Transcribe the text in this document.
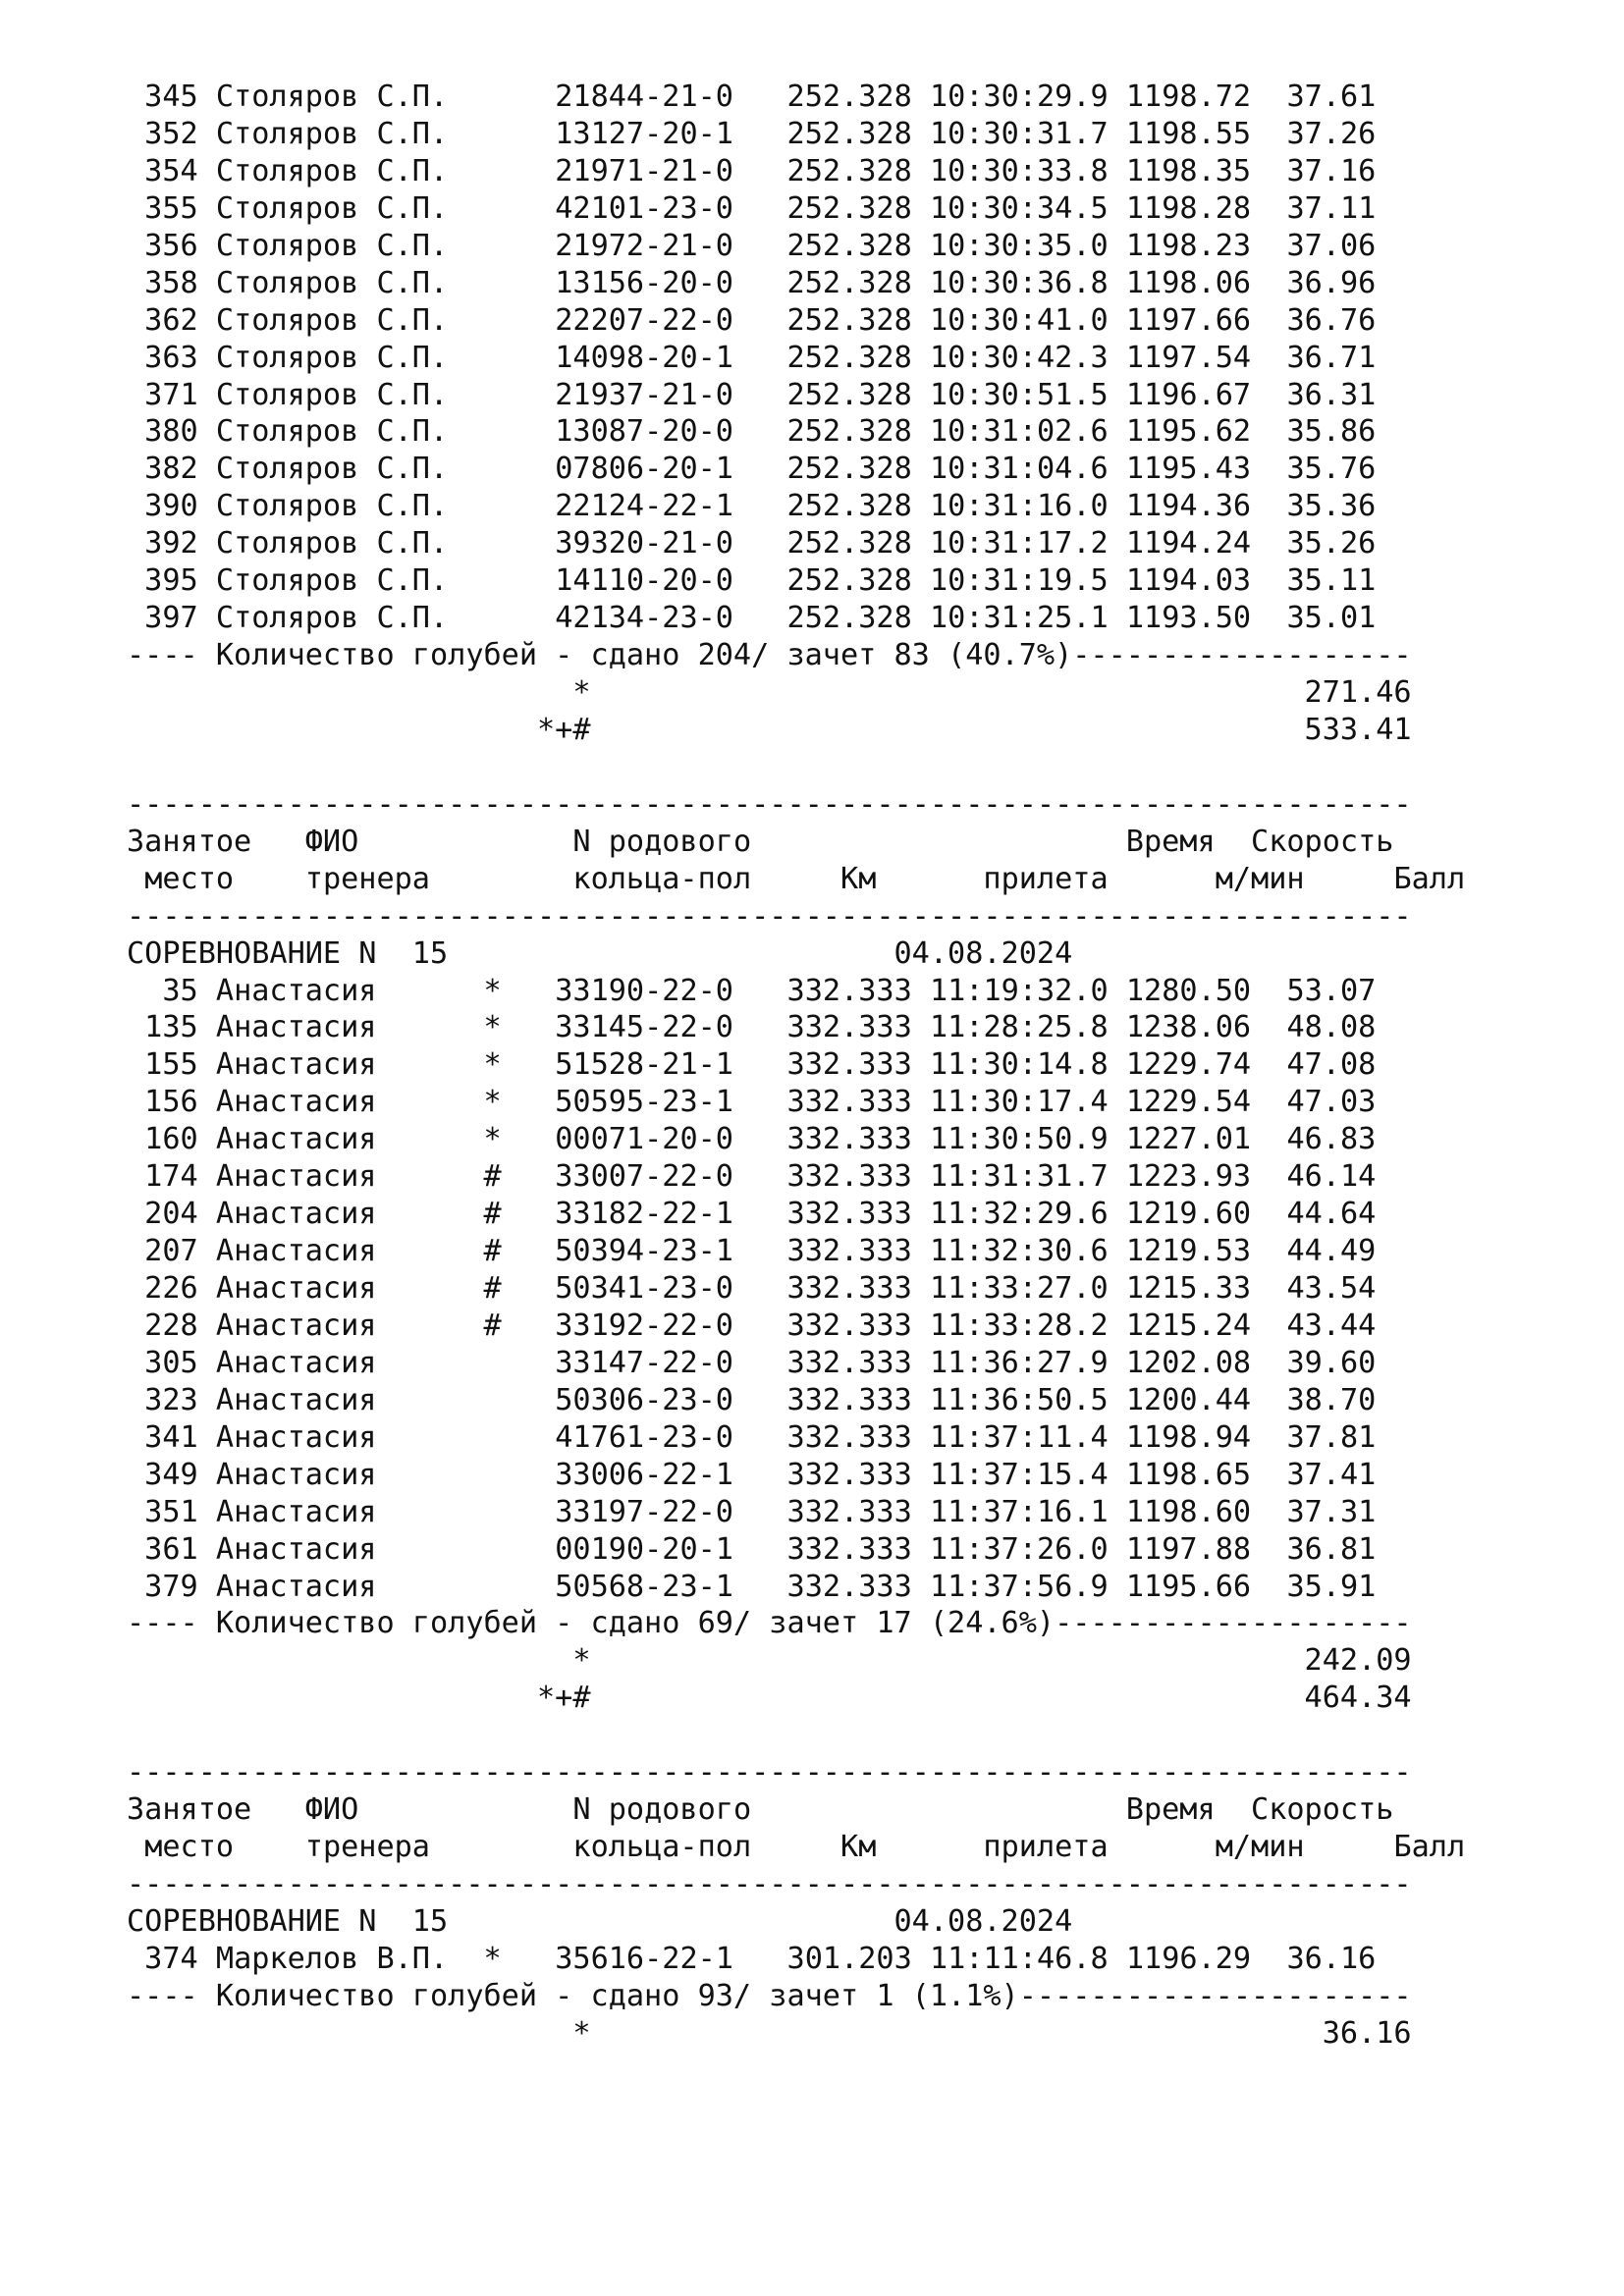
345 Столяров С.П.      21844-21-0   252.328 10:30:29.9 1198.72  37.61
352 Столяров С.П.      13127-20-1   252.328 10:30:31.7 1198.55  37.26
354 Столяров С.П.      21971-21-0   252.328 10:30:33.8 1198.35  37.16
355 Столяров С.П.      42101-23-0   252.328 10:30:34.5 1198.28  37.11
356 Столяров С.П.      21972-21-0   252.328 10:30:35.0 1198.23  37.06
358 Столяров С.П.      13156-20-0   252.328 10:30:36.8 1198.06  36.96
362 Столяров С.П.      22207-22-0   252.328 10:30:41.0 1197.66  36.76
363 Столяров С.П.      14098-20-1   252.328 10:30:42.3 1197.54  36.71
371 Столяров С.П.      21937-21-0   252.328 10:30:51.5 1196.67  36.31
380 Столяров С.П.      13087-20-0   252.328 10:31:02.6 1195.62  35.86
382 Столяров С.П.      07806-20-1   252.328 10:31:04.6 1195.43  35.76
390 Столяров С.П.      22124-22-1   252.328 10:31:16.0 1194.36  35.36
392 Столяров С.П.      39320-21-0   252.328 10:31:17.2 1194.24  35.26
395 Столяров С.П.      14110-20-0   252.328 10:31:19.5 1194.03  35.11
397 Столяров С.П.      42134-23-0   252.328 10:31:25.1 1193.50  35.01
---- Количество голубей - сдано 204/ зачет 83 (40.7%)-------------------
*                                        271.46
*+#                                        533.41
------------------------------------------------------------------------
Занятое   ФИО            N родового                     Время Скорость
место    тренера        кольца-пол     Км      прилета	м/мин     Балл
------------------------------------------------------------------------
СОРЕВНОВАНИЕ N  15                         04.08.2024
35 Анастасия      * 33190-22-0   332.333 11:19:32.0 1280.50  53.07
135 Анастасия      * 33145-22-0   332.333 11:28:25.8 1238.06  48.08
155 Анастасия      * 51528-21-1   332.333 11:30:14.8 1229.74  47.08
156 Анастасия      * 50595-23-1   332.333 11:30:17.4 1229.54  47.03
160 Анастасия      * 00071-20-0   332.333 11:30:50.9 1227.01  46.83
174 Анастасия      # 33007-22-0   332.333 11:31:31.7 1223.93  46.14
204 Анастасия      # 33182-22-1   332.333 11:32:29.6 1219.60  44.64
207 Анастасия      # 50394-23-1   332.333 11:32:30.6 1219.53  44.49
226 Анастасия      # 50341-23-0   332.333 11:33:27.0 1215.33  43.54
228 Анастасия      # 33192-22-0   332.333 11:33:28.2 1215.24  43.44
305 Анастасия          33147-22-0   332.333 11:36:27.9 1202.08  39.60
323 Анастасия          50306-23-0   332.333 11:36:50.5 1200.44  38.70
341 Анастасия          41761-23-0   332.333 11:37:11.4 1198.94  37.81
349 Анастасия          33006-22-1   332.333 11:37:15.4 1198.65  37.41
351 Анастасия          33197-22-0   332.333 11:37:16.1 1198.60  37.31
361 Анастасия          00190-20-1   332.333 11:37:26.0 1197.88  36.81
379 Анастасия          50568-23-1   332.333 11:37:56.9 1195.66  35.91
---- Количество голубей - сдано 69/ зачет 17 (24.6%)--------------------
*                                        242.09
*+#                                        464.34
------------------------------------------------------------------------
Занятое   ФИО            N родового                     Время Скорость
место    тренера        кольца-пол     Км      прилета	м/мин     Балл
------------------------------------------------------------------------
СОРЕВНОВАНИЕ N  15                         04.08.2024
374 Маркелов В.П.  * 35616-22-1   301.203 11:11:46.8 1196.29  36.16
---- Количество голубей - сдано 93/ зачет 1 (1.1%)----------------------
*                                         36.16
